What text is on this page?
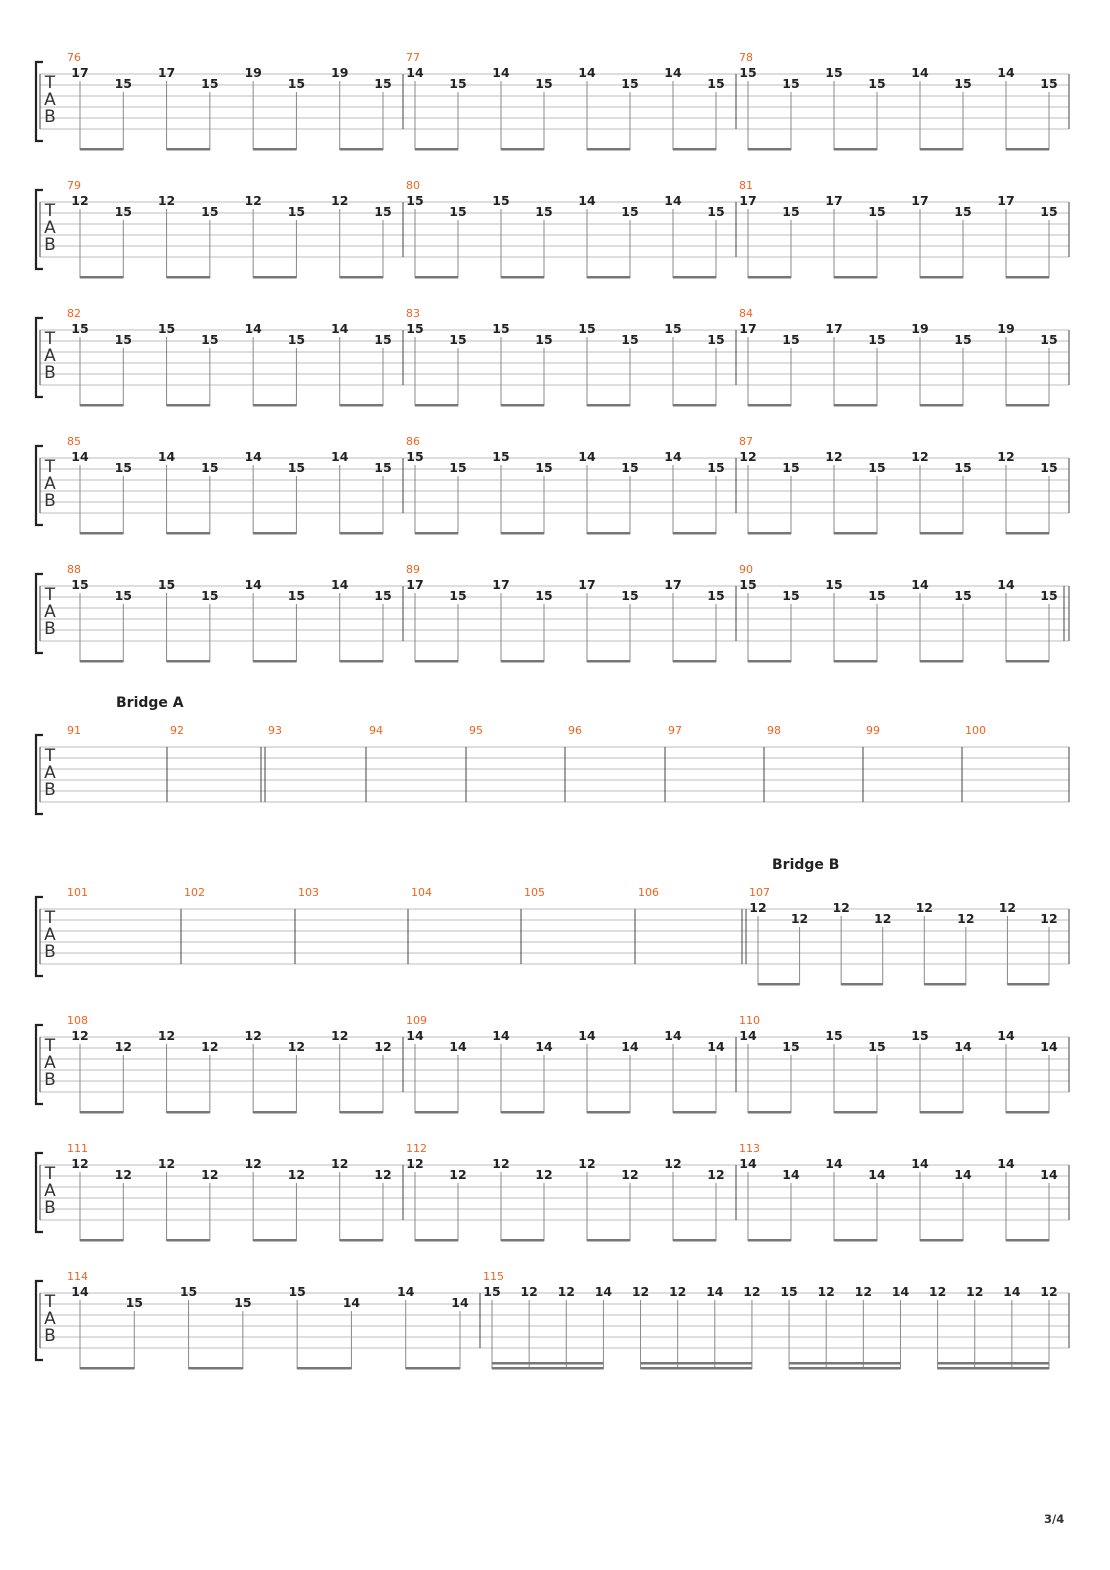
T
A
B
76
17
15
17
15
19
15
19
15
77
14
15
14
15
14
15
14
15
78
15
15
15
15
14
15
14
15
T
A
B
79
12
15
12
15
12
15
12
15
80
15
15
15
15
14
15
14
15
81
17
15
17
15
17
15
17
15
T
A
B
82
15
15
15
15
14
15
14
15
83
15
15
15
15
15
15
15
15
84
17
15
17
15
19
15
19
15
T
A
B
85
14
15
14
15
14
15
14
15
86
15
15
15
15
14
15
14
15
87
12
15
12
15
12
15
12
15
T
A
B
88
15
15
15
15
14
15
14
15
89
17
15
17
15
17
15
17
15
90
15
15
15
15
14
15
14
15
T
A
B
Bridge A
91	92	93	94	95	96	97	98	99	100
T
A
B
Bridge B
101	102	103	104	105	106	107
12
12
12
12
12
12
12
12
T
A
B
108
12
12
12
12
12
12
12
12
109
14
14
14
14
14
14
14
14
110
14
15
15
15
15
14
14
14
T
A
B
111
12
12
12
12
12
12
12
12
112
12
12
12
12
12
12
12
12
113
14
14
14
14
14
14
14
14
T
A
B
114
14
15
15
15
15
14
14
14
115
15 12 12 14 12 12 14 12 15 12 12 14 12 12 14 12
3/4
